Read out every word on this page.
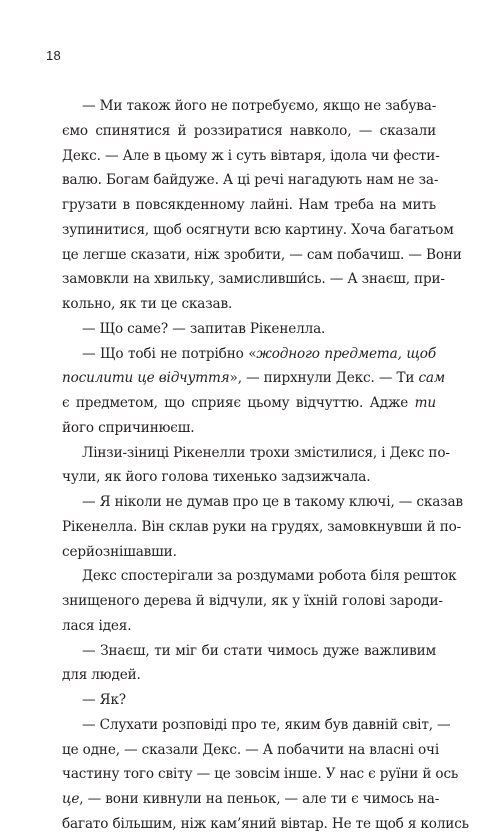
18
— Ми також його не потребуємо, якщо не забува-
ємо спинятися й роззиратися навколо, — сказали
Декс. — Але в цьому ж і суть вівтаря, ідола чи фести-
валю. Богам байдуже. А ці речі нагадують нам не за-
грузати в повсякденному лайні. Нам треба на мить
зупинитися, щоб осягнути всю картину. Хоча багатьом
це легше сказати, ніж зробити, — сам побачиш. — Вони
замовкли на хвильку, замисливши́сь. — А знаєш, при-
кольно, як ти це сказав.
— Що саме? — запитав Рікенелла.
— Що тобі не потрібно «жодного предмета, щоб
посилити це відчуття», — пирхнули Декс. — Ти сам
є предметом, що сприяє цьому відчуттю. Адже ти
його спричинюєш.
Лінзи-зіниці Рікенелли трохи змістилися, і Декс по-
чули, як його голова тихенько задзижчала.
— Я ніколи не думав про це в такому ключі, — сказав
Рікенелла. Він склав руки на грудях, замовкнувши й по-
серйознішавши.
Декс спостерігали за роздумами робота біля решток
знищеного дерева й відчули, як у їхній голові зароди-
лася ідея.
— Знаєш, ти міг би стати чимось дуже важливим
для людей.
— Як?
— Слухати розповіді про те, яким був давній світ, —
це одне, — сказали Декс. — А побачити на власні очі
частину того світу — це зовсім інше. У нас є руїни й ось
це, — вони кивнули на пеньок, — але ти є чимось на-
багато більшим, ніж кам’яний вівтар. Не те щоб я колись
